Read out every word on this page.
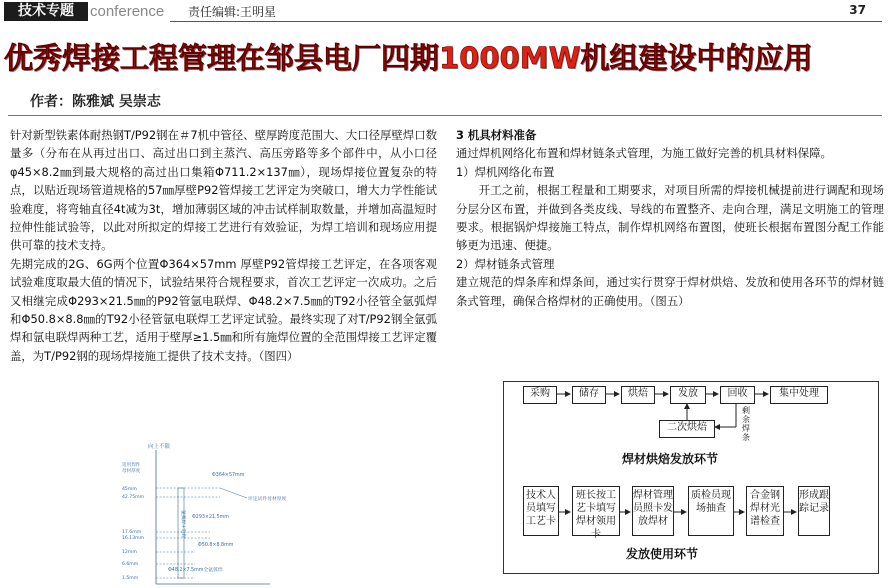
技术专题	conference 责任编辑:王明星	37
优秀焊接工程管理在邹县电厂四期1000MW机组建设中的应用
作者：陈雅斌 吴崇志

针对新型铁素体耐热钢T/P92钢在＃7机中管径、壁厚跨度范围大、大口径厚壁焊口数量多（分布在从再过出口、高过出口到主蒸汽、高压旁路等多个部件中，从小口径φ45×8.2㎜到最大规格的高过出口集箱Φ711.2×137㎜），现场焊接位置复杂的特点，以贴近现场管道规格的57㎜厚壁P92管焊接工艺评定为突破口，增大力学性能试验难度，将弯轴直径4t减为3t，增加薄弱区域的冲击试样制取数量，并增加高温短时拉伸性能试验等，以此对所拟定的焊接工艺进行有效验证，为焊工培训和现场应用提供可靠的技术支持。

先期完成的2G、6G两个位置Φ364×57mm 厚壁P92管焊接工艺评定，在各项客观试验难度取最大值的情况下，试验结果符合规程要求，首次工艺评定一次成功。之后又相继完成Φ293×21.5㎜的P92管氩电联焊、Φ48.2×7.5㎜的T92小径管全氩弧焊和Φ50.8×8.8㎜的T92小径管氩电联焊工艺评定试验。最终实现了对T/P92钢全氩弧焊和氩电联焊两种工艺，适用于壁厚≥1.5㎜和所有施焊位置的全范围焊接工艺评定覆盖，为T/P92钢的现场焊接施工提供了技术支持。（图四）

3 机具材料准备

通过焊机网络化布置和焊材链条式管理，为施工做好完善的机具材料保障。

1）焊机网络化布置

开工之前，根据工程量和工期要求，对项目所需的焊接机械提前进行调配和现场分层分区布置，并做到各类皮线、导线的布置整齐、走向合理，满足文明施工的管理要求。根据锅炉焊接施工特点，制作焊机网络布置图，使班长根据布置图分配工作能够更为迅速、便捷。

2）焊材链条式管理

建立规范的焊条库和焊条间，通过实行贯穿于焊材烘焙、发放和使用各环节的焊材链条式管理，确保合格焊材的正确使用。（图五）

向上不限
适用焊件
母材厚度
45mm
42.75mm
17.6mm
16.13mm
12mm
6.6mm
1.5mm
氩弧焊+电焊
Φ364×57mm
Φ293×21.5mm
Φ50.8×8.8mm
Φ48.2×7.5mm全氩弧焊
评定试件母材厚度
采购	储存	烘焙	发放	回收	集中处理
二次烘焙
剩余焊条
焊材烘焙发放环节
技术人员填写工艺卡
班长按工艺卡填写焊材领用卡
焊材管理员照卡发放焊材
质检员现场抽查
合金钢焊材光谱检查
形成跟踪记录
发放使用环节
